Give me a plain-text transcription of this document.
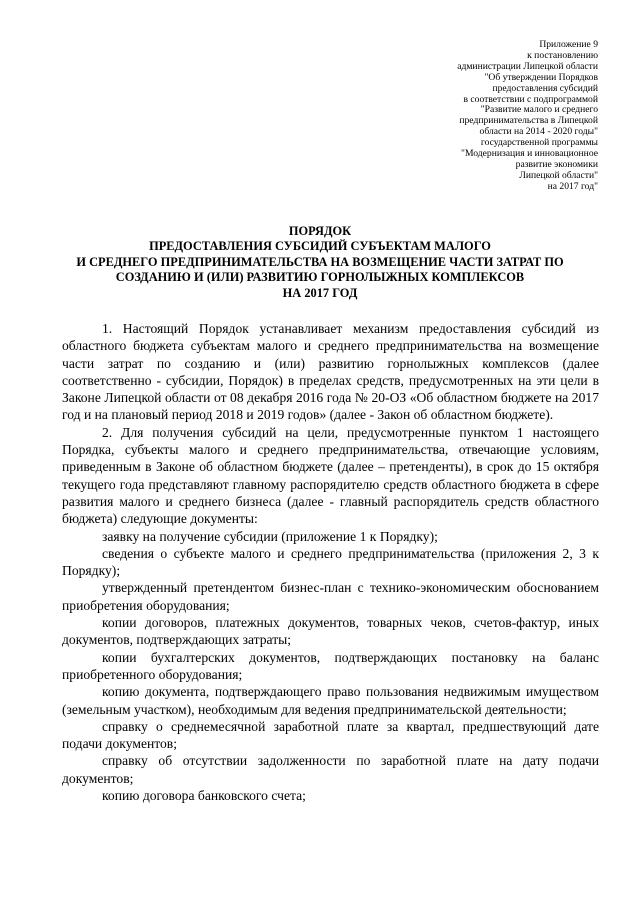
Приложение 9
к постановлению
администрации Липецкой области
"Об утверждении Порядков
предоставления субсидий
в соответствии с подпрограммой
"Развитие малого и среднего
предпринимательства в Липецкой
области на 2014 - 2020 годы"
государственной программы
"Модернизация и инновационное
развитие экономики
Липецкой области"
на 2017 год"
ПОРЯДОК
ПРЕДОСТАВЛЕНИЯ СУБСИДИЙ СУБЪЕКТАМ МАЛОГО
И СРЕДНЕГО ПРЕДПРИНИМАТЕЛЬСТВА НА ВОЗМЕЩЕНИЕ ЧАСТИ ЗАТРАТ ПО
СОЗДАНИЮ И (ИЛИ) РАЗВИТИЮ ГОРНОЛЫЖНЫХ КОМПЛЕКСОВ
НА 2017 ГОД

1. Настоящий Порядок устанавливает механизм предоставления субсидий из областного бюджета субъектам малого и среднего предпринимательства на возмещение части затрат по созданию и (или) развитию горнолыжных комплексов (далее соответственно - субсидии, Порядок) в пределах средств, предусмотренных на эти цели в Законе Липецкой области от 08 декабря 2016 года № 20-ОЗ «Об областном бюджете на 2017 год и на плановый период 2018 и 2019 годов» (далее - Закон об областном бюджете).

2. Для получения субсидий на цели, предусмотренные пунктом 1 настоящего Порядка, субъекты малого и среднего предпринимательства, отвечающие условиям, приведенным в Законе об областном бюджете (далее – претенденты), в срок до 15 октября текущего года представляют главному распорядителю средств областного бюджета в сфере развития малого и среднего бизнеса (далее - главный распорядитель средств областного бюджета) следующие документы:

заявку на получение субсидии (приложение 1 к Порядку);

сведения о субъекте малого и среднего предпринимательства (приложения 2, 3 к Порядку);

утвержденный претендентом бизнес-план с технико-экономическим обоснованием приобретения оборудования;

копии договоров, платежных документов, товарных чеков, счетов-фактур, иных документов, подтверждающих затраты;

копии бухгалтерских документов, подтверждающих постановку на баланс приобретенного оборудования;

копию документа, подтверждающего право пользования недвижимым имуществом (земельным участком), необходимым для ведения предпринимательской деятельности;

справку о среднемесячной заработной плате за квартал, предшествующий дате подачи документов;

справку об отсутствии задолженности по заработной плате на дату подачи документов;

копию договора банковского счета;
